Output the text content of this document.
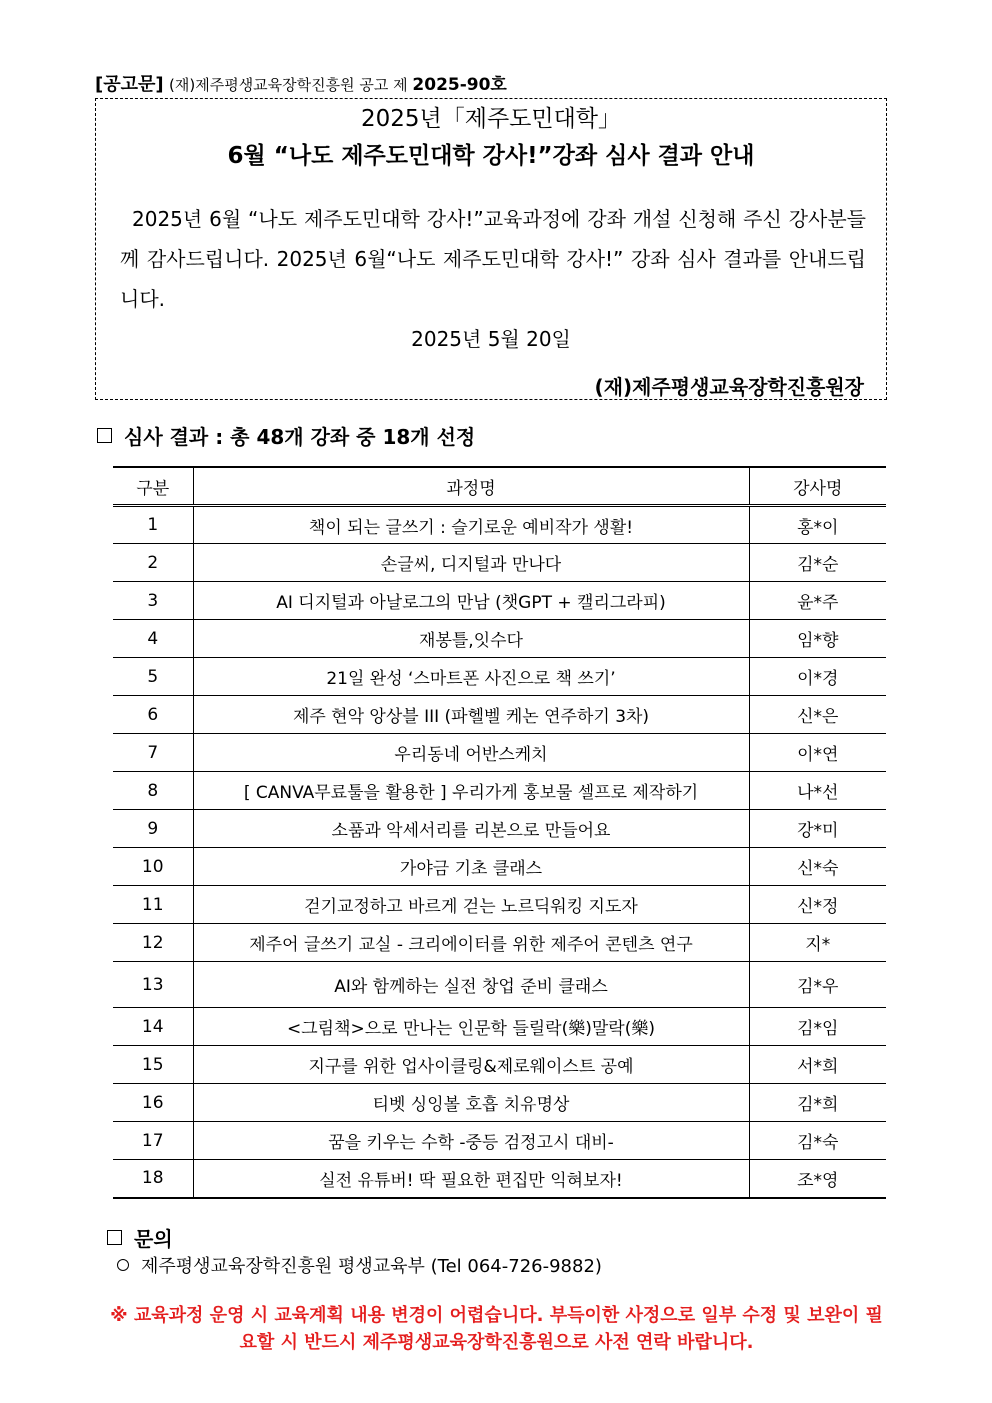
[공고문] (재)제주평생교육장학진흥원 공고 제 2025-90호
2025년「제주도민대학」
6월 “나도 제주도민대학 강사!”강좌 심사 결과 안내
2025년 6월 “나도 제주도민대학 강사!”교육과정에 강좌 개설 신청해 주신 강사분들께 감사드립니다. 2025년 6월“나도 제주도민대학 강사!” 강좌 심사 결과를 안내드립니다.
2025년 5월 20일
(재)제주평생교육장학진흥원장
심사 결과 : 총 48개 강좌 중 18개 선정
구분	과정명	강사명
1	책이 되는 글쓰기 : 슬기로운 예비작가 생활!	홍*이
2	손글씨, 디지털과 만나다	김*순
3	AI 디지털과 아날로그의 만남 (챗GPT + 캘리그라피)	윤*주
4	재봉틀,잇수다	임*향
5	21일 완성 ‘스마트폰 사진으로 책 쓰기’	이*경
6	제주 현악 앙상블 III (파헬벨 케논 연주하기 3차)	신*은
7	우리동네 어반스케치	이*연
8	[ CANVA무료툴을 활용한 ] 우리가게 홍보물 셀프로 제작하기	나*선
9	소품과 악세서리를 리본으로 만들어요	강*미
10	가야금 기초 클래스	신*숙
11	걷기교정하고 바르게 걷는 노르딕워킹 지도자	신*정
12	제주어 글쓰기 교실 - 크리에이터를 위한 제주어 콘텐츠 연구	지*
13	AI와 함께하는 실전 창업 준비 클래스	김*우
14	<그림책>으로 만나는 인문학 들릴락(樂)말락(樂)	김*임
15	지구를 위한 업사이클링&제로웨이스트 공예	서*희
16	티벳 싱잉볼 호흡 치유명상	김*희
17	꿈을 키우는 수학 -중등 검정고시 대비-	김*숙
18	실전 유튜버! 딱 필요한 편집만 익혀보자!	조*영
문의
제주평생교육장학진흥원 평생교육부 (Tel 064-726-9882)
※ 교육과정 운영 시 교육계획 내용 변경이 어렵습니다. 부득이한 사정으로 일부 수정 및 보완이 필요할 시 반드시 제주평생교육장학진흥원으로 사전 연락 바랍니다.
